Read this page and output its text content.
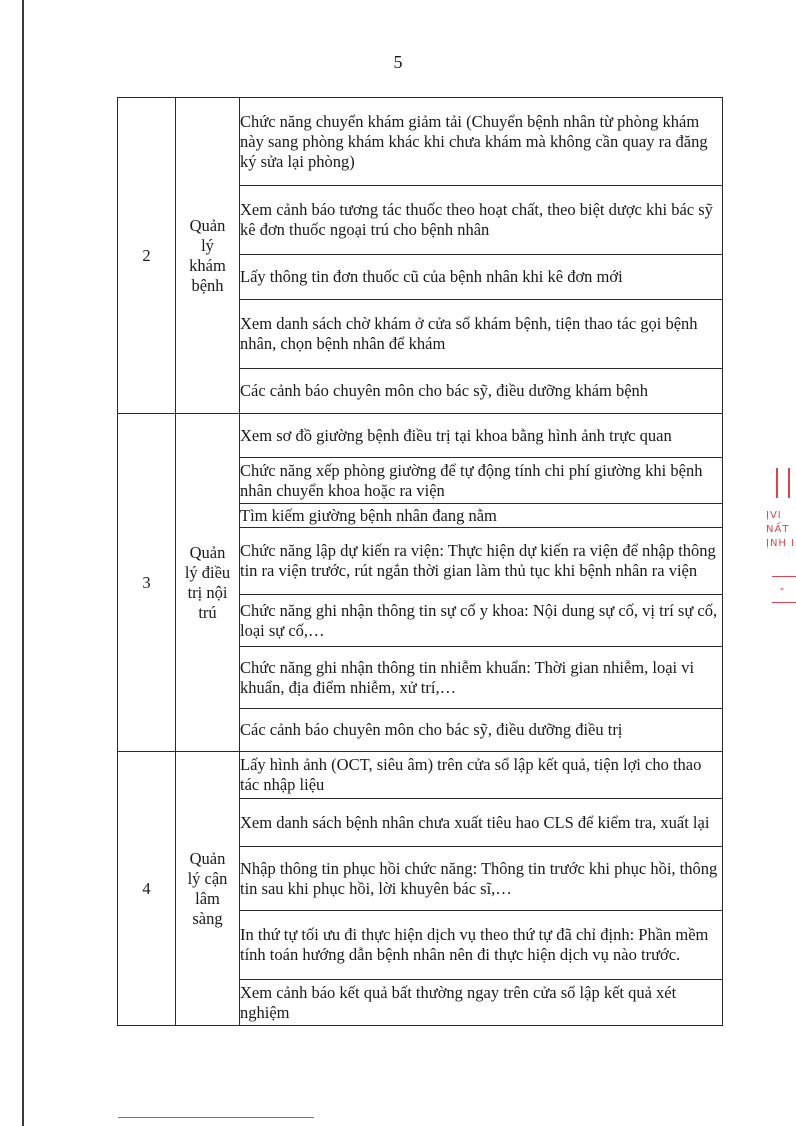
5
2	Quản
lý
khám
bệnh	Chức năng chuyển khám giảm tải (Chuyển bệnh nhân từ phòng khám này sang phòng khám khác khi chưa khám mà không cần quay ra đăng ký sửa lại phòng)
		Xem cảnh báo tương tác thuốc theo hoạt chất, theo biệt dược khi bác sỹ kê đơn thuốc ngoại trú cho bệnh nhân
		Lấy thông tin đơn thuốc cũ của bệnh nhân khi kê đơn mới
		Xem danh sách chờ khám ở cửa sổ khám bệnh, tiện thao tác gọi bệnh nhân, chọn bệnh nhân để khám
		Các cảnh báo chuyên môn cho bác sỹ, điều dưỡng khám bệnh
3	Quản
lý điều
trị nội
trú	Xem sơ đồ giường bệnh điều trị tại khoa bằng hình ảnh trực quan
		Chức năng xếp phòng giường để tự động tính chi phí giường khi bệnh nhân chuyển khoa hoặc ra viện
		Tìm kiếm giường bệnh nhân đang nằm
		Chức năng lập dự kiến ra viện: Thực hiện dự kiến ra viện để nhập thông tin ra viện trước, rút ngắn thời gian làm thủ tục khi bệnh nhân ra viện
		Chức năng ghi nhận thông tin sự cố y khoa: Nội dung sự cố, vị trí sự cố, loại sự cố,…
		Chức năng ghi nhận thông tin nhiễm khuẩn: Thời gian nhiễm, loại vi khuẩn, địa điểm nhiễm, xử trí,…
		Các cảnh báo chuyên môn cho bác sỹ, điều dưỡng điều trị
4	Quản
lý cận
lâm
sàng	Lấy hình ảnh (OCT, siêu âm) trên cửa sổ lập kết quả, tiện lợi cho thao tác nhập liệu
		Xem danh sách bệnh nhân chưa xuất tiêu hao CLS để kiểm tra, xuất lại
		Nhập thông tin phục hồi chức năng: Thông tin trước khi phục hồi, thông tin sau khi phục hồi, lời khuyên bác sĩ,…
		In thứ tự tối ưu đi thực hiện dịch vụ theo thứ tự đã chỉ định: Phần mềm tính toán hướng dẫn bệnh nhân nên đi thực hiện dịch vụ nào trước.
		Xem cảnh báo kết quả bất thường ngay trên cửa sổ lập kết quả xét nghiệm
ỊVI
NẤT
ỊNH I
*
